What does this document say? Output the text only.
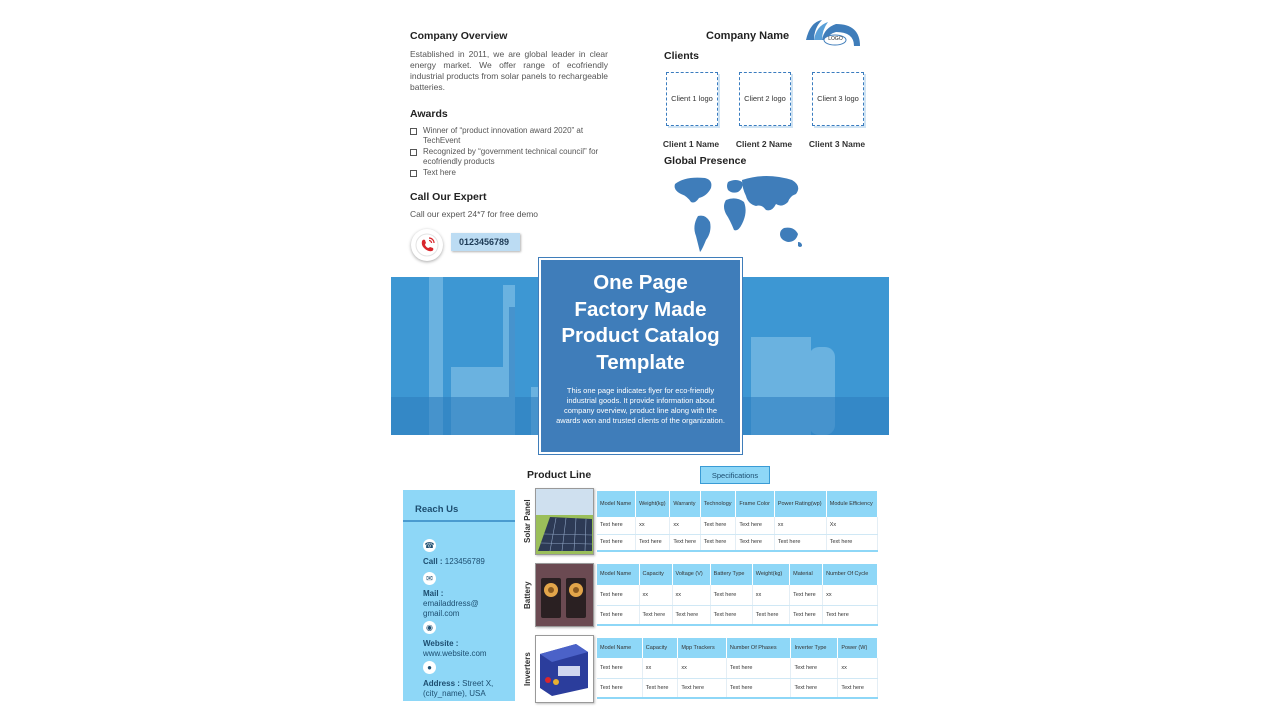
Company Overview
Established in 2011, we are global leader in clear energy market. We offer range of ecofriendly industrial products from solar panels to rechargeable batteries.
Awards
Winner of “product innovation award 2020” at TechEvent
Recognized by “government technical council” for ecofriendly products
Text here
Call Our Expert
Call our expert 24*7 for free demo
0123456789
Company Name	LOGO
Clients
Client 1 logo	Client 2 logo	Client 3 logo
Client 1 Name	Client 2 Name	Client 3 Name
Global Presence
One Page
Factory Made
Product Catalog
Template
This one page indicates flyer for eco-friendly industrial goods. It provide information about company overview, product line along with the awards won and trusted clients of the organization.
Product Line	Specifications
Reach Us
☎
Call : 123456789
✉
Mail :
emailaddress@ gmail.com
◉
Website :
www.website.com
●
Address : Street X, (city_name), USA
Solar Panel
Battery
Inverters
Model Name	Weight(kg)	Warranty	Technology	Frame Color	Power Rating(wp)	Module Efficiency
Text here	xx	xx	Text here	Text here	xx	Xx
Text here	Text here	Text here	Text here	Text here	Text here	Text here
Model Name	Capacity	Voltage (V)	Battery Type	Weight(kg)	Material	Number Of Cycle
Text here	xx	xx	Text here	xx	Text here	xx
Text here	Text here	Text here	Text here	Text here	Text here	Text here
Model Name	Capacity	Mpp Trackers	Number Of Phases	Inverter Type	Power (W)
Text here	xx	xx	Text here	Text here	xx
Text here	Text here	Text here	Text here	Text here	Text here
